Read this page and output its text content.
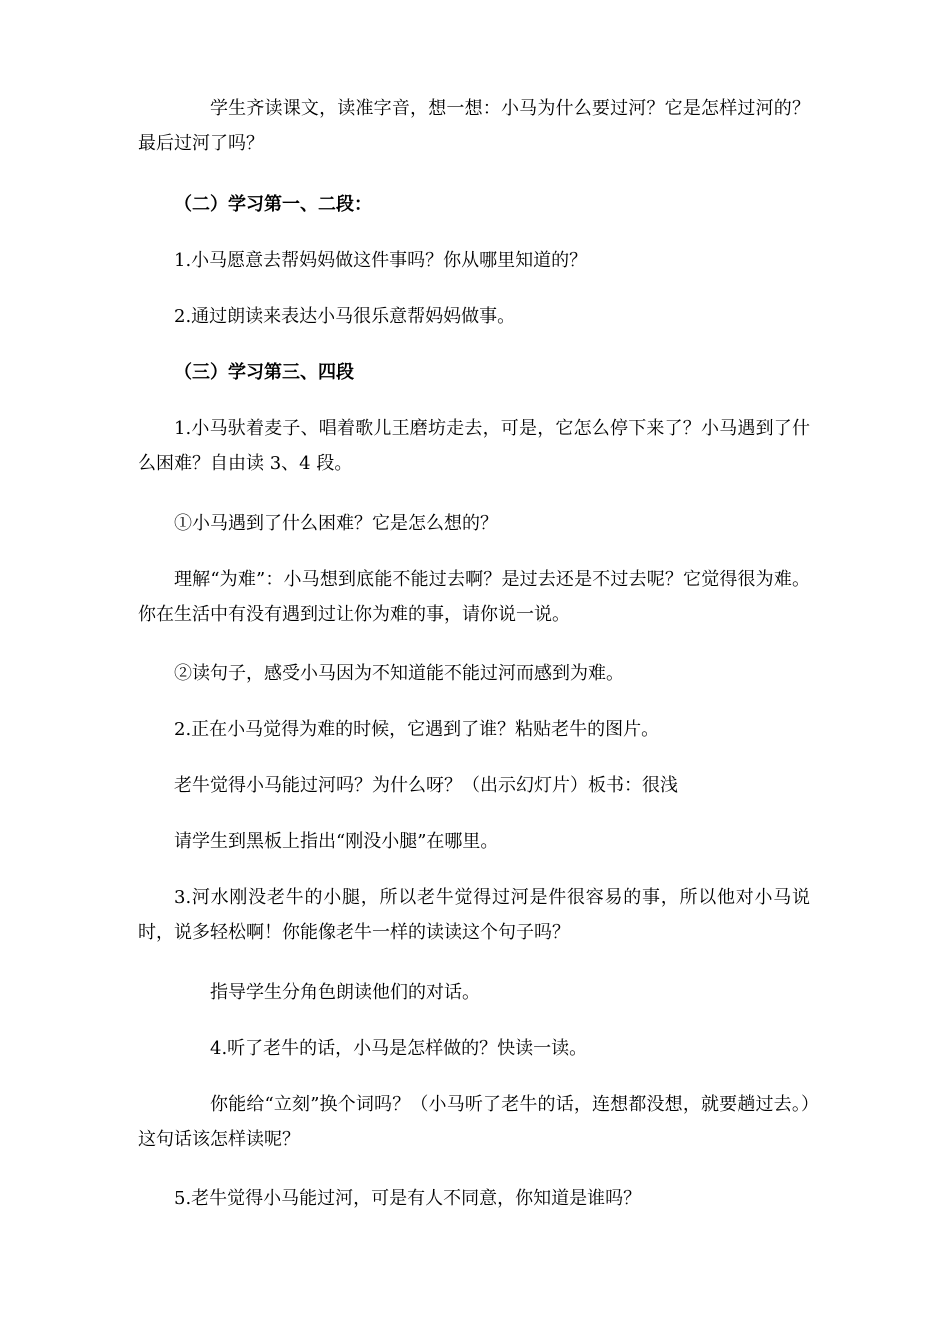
学生齐读课文，读准字音，想一想：小马为什么要过河？它是怎样过河的？最后过河了吗？

（二）学习第一、二段：

1.小马愿意去帮妈妈做这件事吗？你从哪里知道的？

2.通过朗读来表达小马很乐意帮妈妈做事。

（三）学习第三、四段

1.小马驮着麦子、唱着歌儿王磨坊走去，可是，它怎么停下来了？小马遇到了什么困难？自由读 3、4 段。

①小马遇到了什么困难？它是怎么想的？

理解“为难”：小马想到底能不能过去啊？是过去还是不过去呢？它觉得很为难。你在生活中有没有遇到过让你为难的事，请你说一说。

②读句子，感受小马因为不知道能不能过河而感到为难。

2.正在小马觉得为难的时候，它遇到了谁？粘贴老牛的图片。

老牛觉得小马能过河吗？为什么呀？（出示幻灯片）板书：很浅

请学生到黑板上指出“刚没小腿”在哪里。

3.河水刚没老牛的小腿，所以老牛觉得过河是件很容易的事，所以他对小马说时，说多轻松啊！你能像老牛一样的读读这个句子吗？

指导学生分角色朗读他们的对话。

4.听了老牛的话，小马是怎样做的？快读一读。

你能给“立刻”换个词吗？（小马听了老牛的话，连想都没想，就要趟过去。）这句话该怎样读呢？

5.老牛觉得小马能过河，可是有人不同意，你知道是谁吗？
